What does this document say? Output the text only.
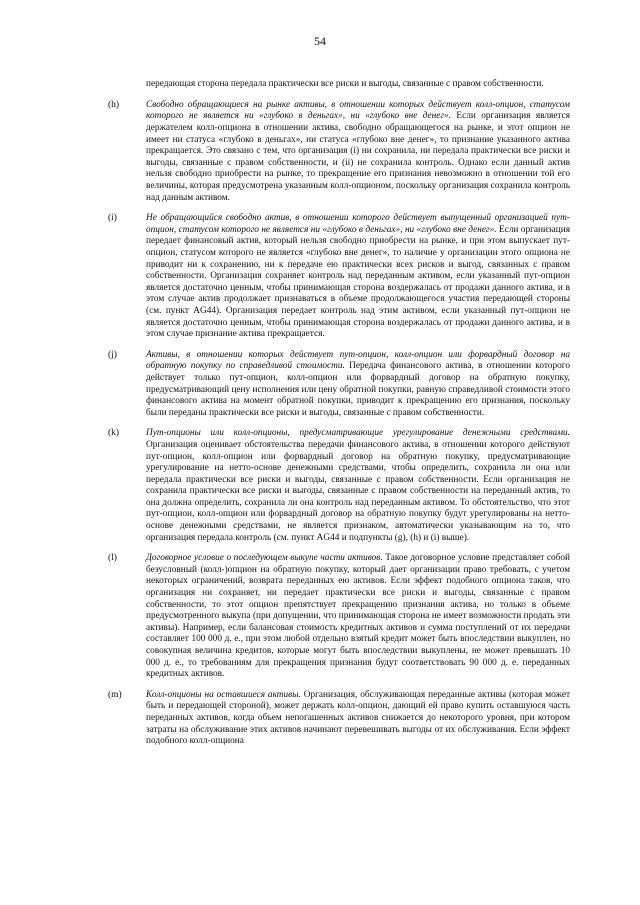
54

передающая сторона передала практически все риски и выгоды, связанные с правом собственности.

(h)	Свободно обращающиеся на рынке активы, в отношении которых действует колл-опцион, статусом которого не является ни «глубоко в деньгах», ни «глубоко вне денег». Если организация является держателем колл-опциона в отношении актива, свободно обращающегося на рынке, и этот опцион не имеет ни статуса «глубоко в деньгах», ни статуса «глубоко вне денег», то признание указанного актива прекращается. Это связано с тем, что организация (i) ни сохранила, ни передала практически все риски и выгоды, связанные с правом собственности, и (ii) не сохранила контроль. Однако если данный актив нельзя свободно приобрести на рынке, то прекращение его признания невозможно в отношении той его величины, которая предусмотрена указанным колл-опционом, поскольку организация сохранила контроль над данным активом.
(i)	Не обращающийся свободно актив, в отношении которого действует выпущенный организацией пут-опцион, статусом которого не является ни «глубоко в деньгах», ни «глубоко вне денег». Если организация передает финансовый актив, который нельзя свободно приобрести на рынке, и при этом выпускает пут-опцион, статусом которого не является «глубоко вне денег», то наличие у организации этого опциона не приводит ни к сохранению, ни к передаче ею практически всех рисков и выгод, связанных с правом собственности. Организация сохраняет контроль над переданным активом, если указанный пут-опцион является достаточно ценным, чтобы принимающая сторона воздержалась от продажи данного актива, и в этом случае актив продолжает признаваться в объеме продолжающегося участия передающей стороны (см. пункт AG44). Организация передает контроль над этим активом, если указанный пут-опцион не является достаточно ценным, чтобы принимающая сторона воздержалась от продажи данного актива, и в этом случае признание актива прекращается.
(j)	Активы, в отношении которых действует пут-опцион, колл-опцион или форвардный договор на обратную покупку по справедливой стоимости. Передача финансового актива, в отношении которого действует только пут-опцион, колл-опцион или форвардный договор на обратную покупку, предусматривающий цену исполнения или цену обратной покупки, равную справедливой стоимости этого финансового актива на момент обратной покупки, приводит к прекращению его признания, поскольку были переданы практически все риски и выгоды, связанные с правом собственности.
(k)	Пут-опционы или колл-опционы, предусматривающие урегулирование денежными средствами. Организация оценивает обстоятельства передачи финансового актива, в отношении которого действуют пут-опцион, колл-опцион или форвардный договор на обратную покупку, предусматривающие урегулирование на нетто-основе денежными средствами, чтобы определить, сохранила ли она или передала практически все риски и выгоды, связанные с правом собственности. Если организация не сохранила практически все риски и выгоды, связанные с правом собственности на переданный актив, то она должна определить, сохранила ли она контроль над переданным активом. То обстоятельство, что этот пут-опцион, колл-опцион или форвардный договор на обратную покупку будут урегулированы на нетто-основе денежными средствами, не является признаком, автоматически указывающим на то, что организация передала контроль (см. пункт AG44 и подпункты (g), (h) и (i) выше).
(l)	Договорное условие о последующем выкупе части активов. Такое договорное условие представляет собой безусловный (колл-)опцион на обратную покупку, который дает организации право требовать, с учетом некоторых ограничений, возврата переданных ею активов. Если эффект подобного опциона таков, что организация ни сохраняет, ни передает практически все риски и выгоды, связанные с правом собственности, то этот опцион препятствует прекращению признания актива, но только в объеме предусмотренного выкупа (при допущении, что принимающая сторона не имеет возможности продать эти активы). Например, если балансовая стоимость кредитных активов и сумма поступлений от их передачи составляет 100 000 д. е., при этом любой отдельно взятый кредит может быть впоследствии выкуплен, но совокупная величина кредитов, которые могут быть впоследствии выкуплены, не может превышать 10 000 д. е., то требованиям для прекращения признания будут соответствовать 90 000 д. е. переданных кредитных активов.
(m)	Колл-опционы на оставшиеся активы. Организация, обслуживающая переданные активы (которая может быть и передающей стороной), может держать колл-опцион, дающий ей право купить оставшуюся часть переданных активов, когда объем непогашенных активов снижается до некоторого уровня, при котором затраты на обслуживание этих активов начинают перевешивать выгоды от их обслуживания. Если эффект подобного колл-опциона
